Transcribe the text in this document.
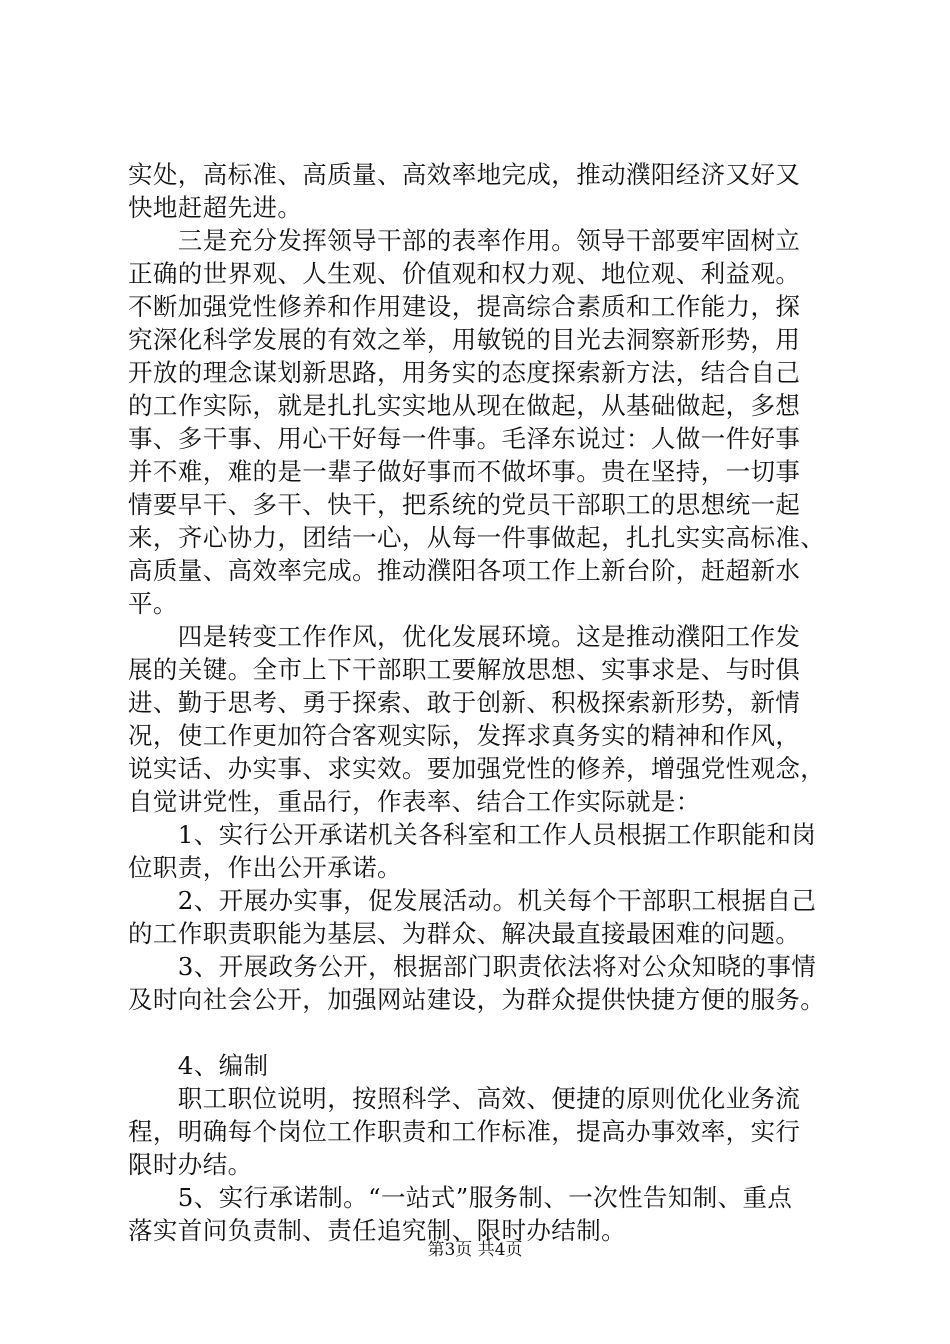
实处，高标准、高质量、高效率地完成，推动濮阳经济又好又
快地赶超先进。
　　三是充分发挥领导干部的表率作用。领导干部要牢固树立
正确的世界观、人生观、价值观和权力观、地位观、利益观。
不断加强党性修养和作用建设，提高综合素质和工作能力，探
究深化科学发展的有效之举，用敏锐的目光去洞察新形势，用
开放的理念谋划新思路，用务实的态度探索新方法，结合自己
的工作实际，就是扎扎实实地从现在做起，从基础做起，多想
事、多干事、用心干好每一件事。毛泽东说过：人做一件好事
并不难，难的是一辈子做好事而不做坏事。贵在坚持，一切事
情要早干、多干、快干，把系统的党员干部职工的思想统一起
来，齐心协力，团结一心，从每一件事做起，扎扎实实高标准、
高质量、高效率完成。推动濮阳各项工作上新台阶，赶超新水
平。
　　四是转变工作作风，优化发展环境。这是推动濮阳工作发
展的关键。全市上下干部职工要解放思想、实事求是、与时俱
进、勤于思考、勇于探索、敢于创新、积极探索新形势，新情
况，使工作更加符合客观实际，发挥求真务实的精神和作风，
说实话、办实事、求实效。要加强党性的修养，增强党性观念，
自觉讲党性，重品行，作表率、结合工作实际就是：
　　1、实行公开承诺机关各科室和工作人员根据工作职能和岗
位职责，作出公开承诺。
　　2、开展办实事，促发展活动。机关每个干部职工根据自己
的工作职责职能为基层、为群众、解决最直接最困难的问题。
　　3、开展政务公开，根据部门职责依法将对公众知晓的事情
及时向社会公开，加强网站建设，为群众提供快捷方便的服务。
　　4、编制
　　职工职位说明，按照科学、高效、便捷的原则优化业务流
程，明确每个岗位工作职责和工作标准，提高办事效率，实行
限时办结。
　　5、实行承诺制。“一站式”服务制、一次性告知制、重点
落实首问负责制、责任追究制、限时办结制。
第3页 共4页
